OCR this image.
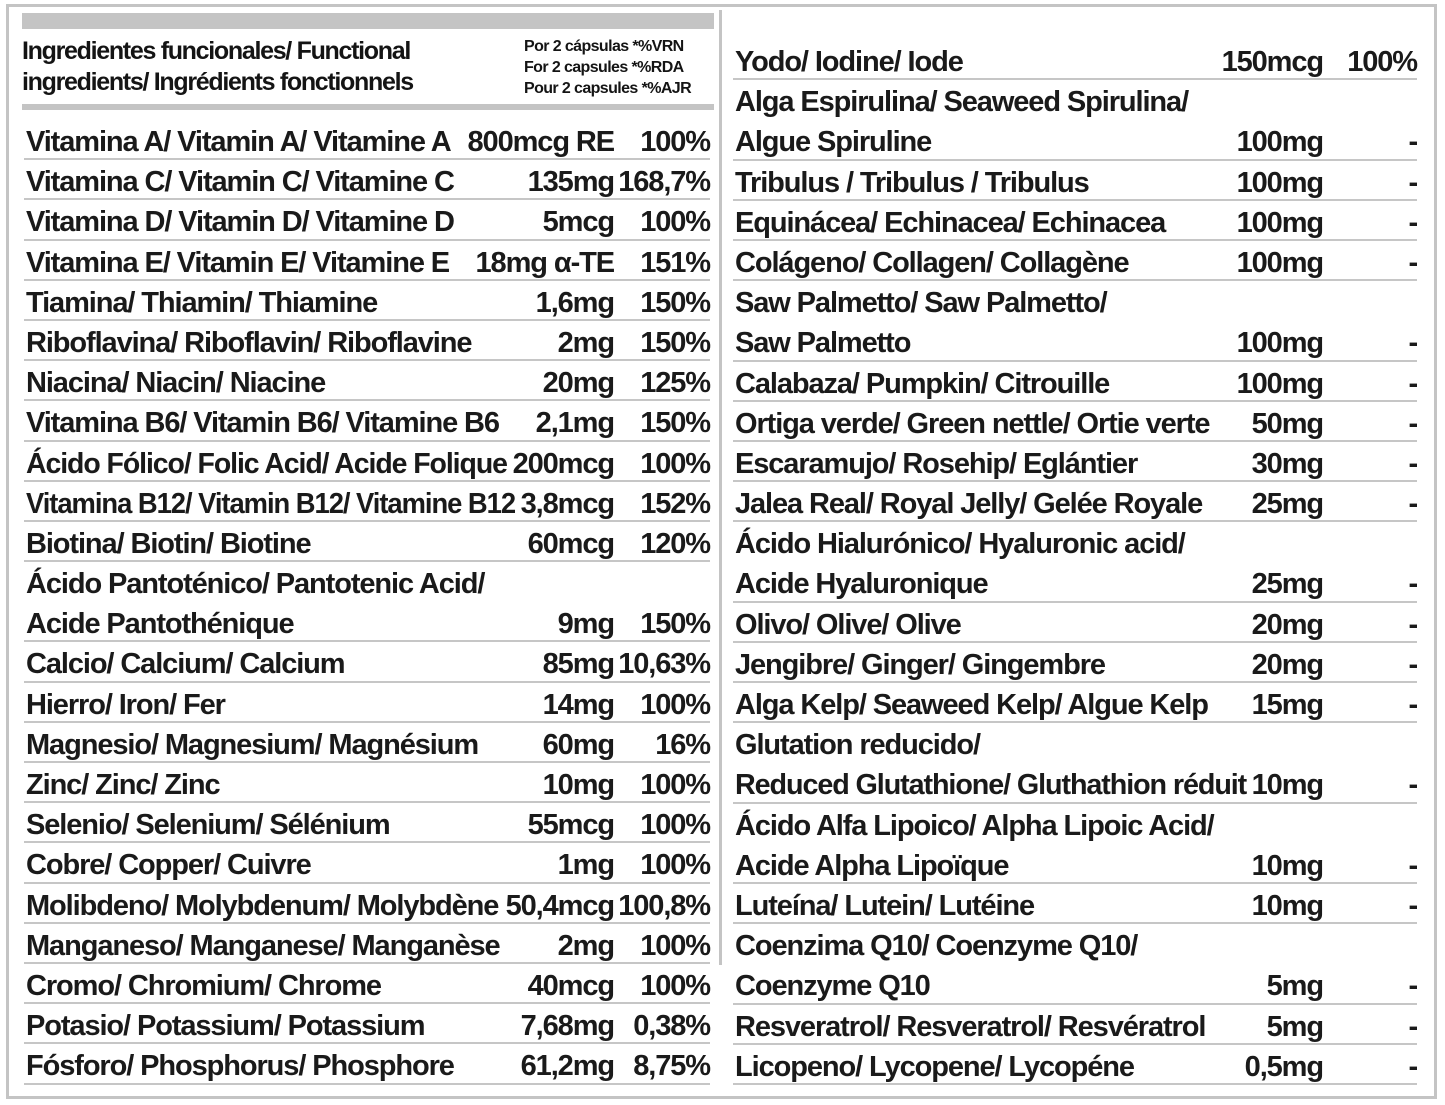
Ingredientes funcionales/ Functional
ingredients/ Ingrédients fonctionnels
Por 2 cápsulas *%VRN
For 2 capsules *%RDA
Pour 2 capsules *%AJR
Vitamina A/ Vitamin A/ Vitamine A 800mcg RE 100%
Vitamina C/ Vitamin C/ Vitamine C	135mg 168,7%
Vitamina D/ Vitamin D/ Vitamine D	5mcg 100%
Vitamina E/ Vitamin E/ Vitamine E 18mg α-TE 151%
Tiamina/ Thiamin/ Thiamine	1,6mg 150%
Riboflavina/ Riboflavin/ Riboflavine	2mg 150%
Niacina/ Niacin/ Niacine	20mg 125%
Vitamina B6/ Vitamin B6/ Vitamine B6 2,1mg 150%
Ácido Fólico/ Folic Acid/ Acide Folique 200mcg 100%
Vitamina B12/ Vitamin B12/ Vitamine B12 3,8mcg 152%
Biotina/ Biotin/ Biotine	60mcg 120%
Ácido Pantoténico/ Pantotenic Acid/
Acide Pantothénique	9mg 150%
Calcio/ Calcium/ Calcium	85mg 10,63%
Hierro/ Iron/ Fer	14mg 100%
Magnesio/ Magnesium/ Magnésium 60mg 16%
Zinc/ Zinc/ Zinc	10mg 100%
Selenio/ Selenium/ Sélénium	55mcg 100%
Cobre/ Copper/ Cuivre	1mg 100%
Molibdeno/ Molybdenum/ Molybdène 50,4mcg 100,8%
Manganeso/ Manganese/ Manganèse 2mg 100%
Cromo/ Chromium/ Chrome	40mcg 100%
Potasio/ Potassium/ Potassium	7,68mg 0,38%
Fósforo/ Phosphorus/ Phosphore 61,2mg 8,75%
Yodo/ Iodine/ Iode	150mcg 100%
Alga Espirulina/ Seaweed Spirulina/
Algue Spiruline	100mg	-
Tribulus / Tribulus / Tribulus	100mg	-
Equinácea/ Echinacea/ Echinacea 100mg	-
Colágeno/ Collagen/ Collagène	100mg	-
Saw Palmetto/ Saw Palmetto/
Saw Palmetto	100mg	-
Calabaza/ Pumpkin/ Citrouille	100mg	-
Ortiga verde/ Green nettle/ Ortie verte 50mg	-
Escaramujo/ Rosehip/ Eglántier	30mg	-
Jalea Real/ Royal Jelly/ Gelée Royale 25mg	-
Ácido Hialurónico/ Hyaluronic acid/
Acide Hyaluronique	25mg	-
Olivo/ Olive/ Olive	20mg	-
Jengibre/ Ginger/ Gingembre	20mg	-
Alga Kelp/ Seaweed Kelp/ Algue Kelp 15mg	-
Glutation reducido/
Reduced Glutathione/ Gluthathion réduit 10mg	-
Ácido Alfa Lipoico/ Alpha Lipoic Acid/
Acide Alpha Lipoïque	10mg	-
Luteína/ Lutein/ Lutéine	10mg	-
Coenzima Q10/ Coenzyme Q10/
Coenzyme Q10	5mg	-
Resveratrol/ Resveratrol/ Resvératrol 5mg	-
Licopeno/ Lycopene/ Lycopéne	0,5mg	-
